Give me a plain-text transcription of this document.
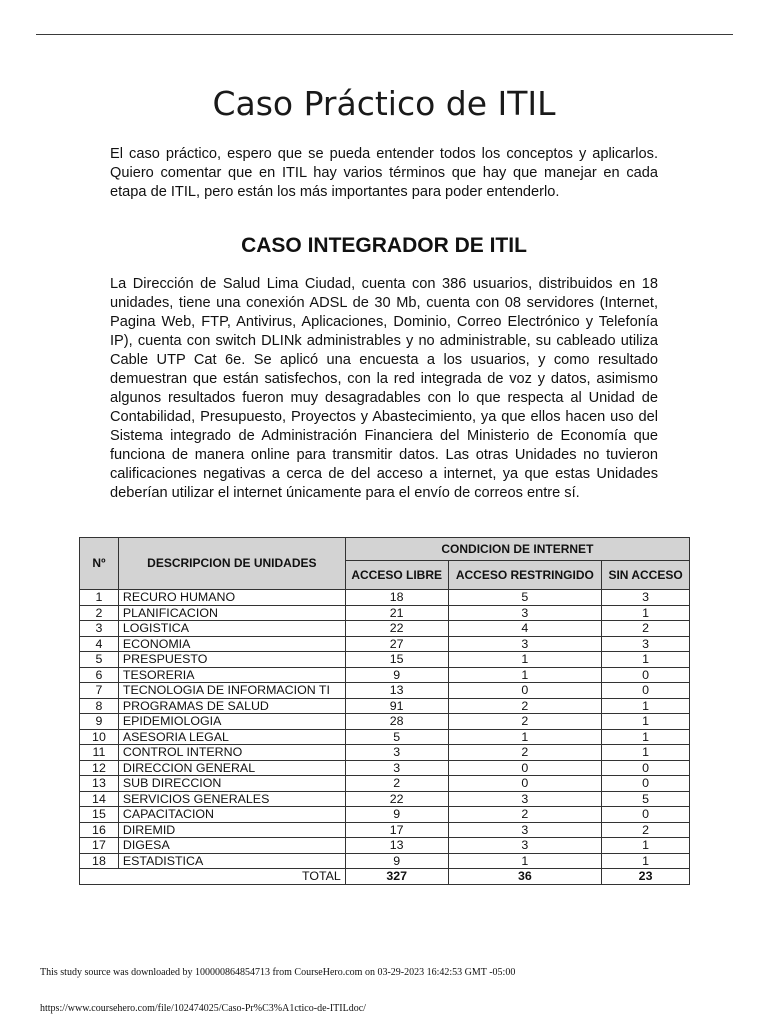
Caso Práctico de ITIL

El caso práctico, espero que se pueda entender todos los conceptos y aplicarlos. Quiero comentar que en ITIL hay varios términos que hay que manejar en cada etapa de ITIL, pero están los más importantes para poder entenderlo.

CASO INTEGRADOR DE ITIL

La Dirección de Salud Lima Ciudad, cuenta con 386 usuarios, distribuidos en 18 unidades, tiene una conexión ADSL de 30 Mb, cuenta con 08 servidores (Internet, Pagina Web, FTP, Antivirus, Aplicaciones, Dominio, Correo Electrónico y Telefonía IP), cuenta con switch DLINk administrables y no administrable, su cableado utiliza Cable UTP Cat 6e. Se aplicó una encuesta a los usuarios, y como resultado demuestran que están satisfechos, con la red integrada de voz y datos, asimismo algunos resultados fueron muy desagradables con lo que respecta al Unidad de Contabilidad, Presupuesto, Proyectos y Abastecimiento, ya que ellos hacen uso del Sistema integrado de Administración Financiera del Ministerio de Economía que funciona de manera online para transmitir datos. Las otras Unidades no tuvieron calificaciones negativas a cerca de del acceso a internet, ya que estas Unidades deberían utilizar el internet únicamente para el envío de correos entre sí.

Nº	DESCRIPCION DE UNIDADES	CONDICION DE INTERNET		
		ACCESO LIBRE	ACCESO RESTRINGIDO	SIN ACCESO
1	RECURO HUMANO	18	5	3
2	PLANIFICACION	21	3	1
3	LOGISTICA	22	4	2
4	ECONOMIA	27	3	3
5	PRESPUESTO	15	1	1
6	TESORERIA	9	1	0
7	TECNOLOGIA DE INFORMACION TI	13	0	0
8	PROGRAMAS DE SALUD	91	2	1
9	EPIDEMIOLOGIA	28	2	1
10	ASESORIA LEGAL	5	1	1
11	CONTROL INTERNO	3	2	1
12	DIRECCION GENERAL	3	0	0
13	SUB DIRECCION	2	0	0
14	SERVICIOS GENERALES	22	3	5
15	CAPACITACION	9	2	0
16	DIREMID	17	3	2
17	DIGESA	13	3	1
18	ESTADISTICA	9	1	1
TOTAL		327	36	23
This study source was downloaded by 100000864854713 from CourseHero.com on 03-29-2023 16:42:53 GMT -05:00
https://www.coursehero.com/file/102474025/Caso-Pr%C3%A1ctico-de-ITILdoc/
